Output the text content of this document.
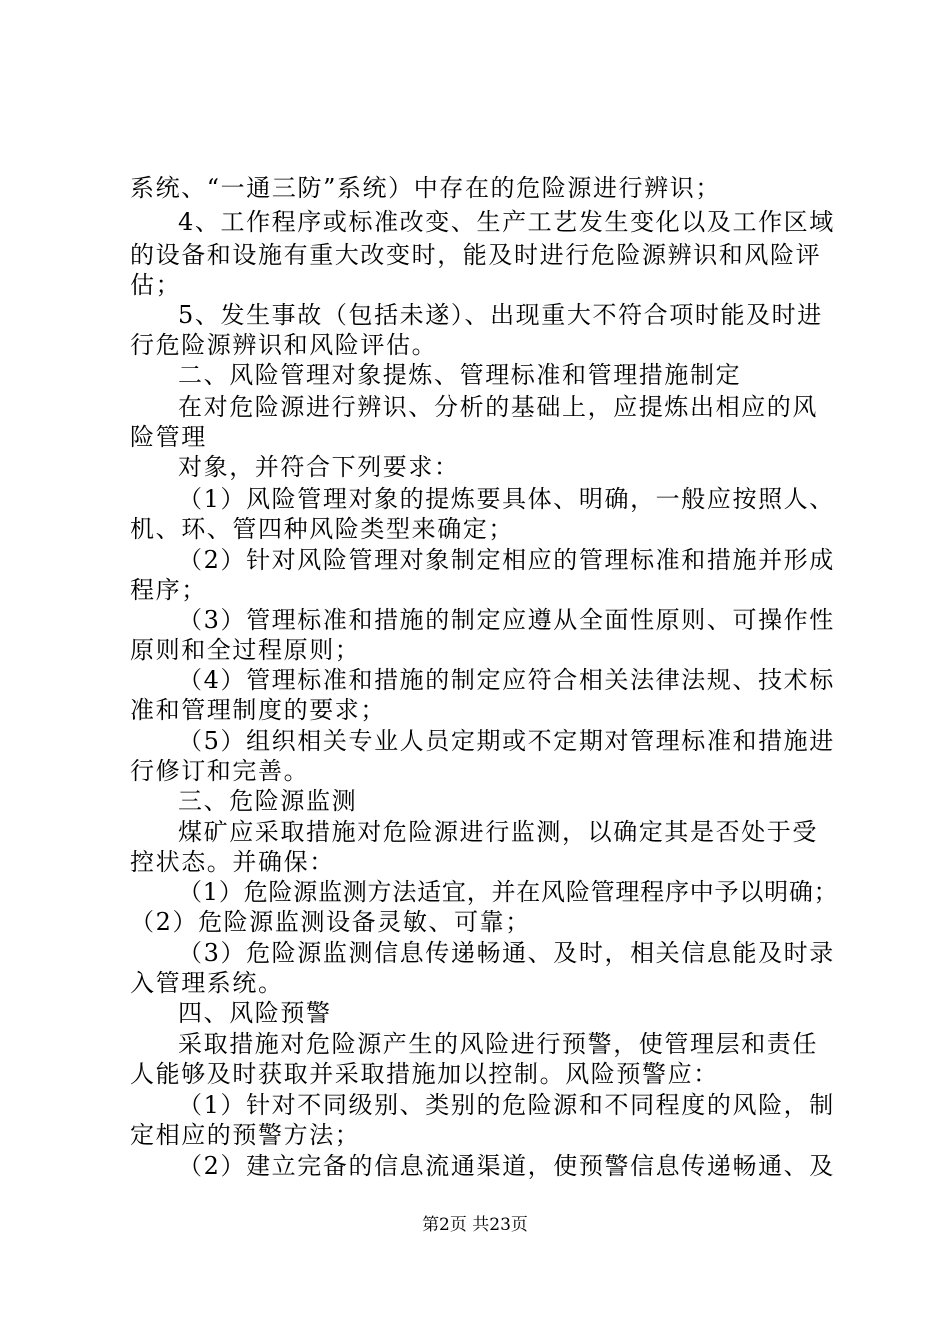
系统、“一通三防”系统）中存在的危险源进行辨识；
4、工作程序或标准改变、生产工艺发生变化以及工作区域
的设备和设施有重大改变时，能及时进行危险源辨识和风险评
估；
5、发生事故（包括未遂）、出现重大不符合项时能及时进
行危险源辨识和风险评估。
二、风险管理对象提炼、管理标准和管理措施制定
在对危险源进行辨识、分析的基础上，应提炼出相应的风
险管理
对象，并符合下列要求：
（1）风险管理对象的提炼要具体、明确，一般应按照人、
机、环、管四种风险类型来确定；
（2）针对风险管理对象制定相应的管理标准和措施并形成
程序；
（3）管理标准和措施的制定应遵从全面性原则、可操作性
原则和全过程原则；
（4）管理标准和措施的制定应符合相关法律法规、技术标
准和管理制度的要求；
（5）组织相关专业人员定期或不定期对管理标准和措施进
行修订和完善。
三、危险源监测
煤矿应采取措施对危险源进行监测，以确定其是否处于受
控状态。并确保：
（1）危险源监测方法适宜，并在风险管理程序中予以明确；
（2）危险源监测设备灵敏、可靠；
（3）危险源监测信息传递畅通、及时，相关信息能及时录
入管理系统。
四、风险预警
采取措施对危险源产生的风险进行预警，使管理层和责任
人能够及时获取并采取措施加以控制。风险预警应：
（1）针对不同级别、类别的危险源和不同程度的风险，制
定相应的预警方法；
（2）建立完备的信息流通渠道，使预警信息传递畅通、及
第2页 共23页
